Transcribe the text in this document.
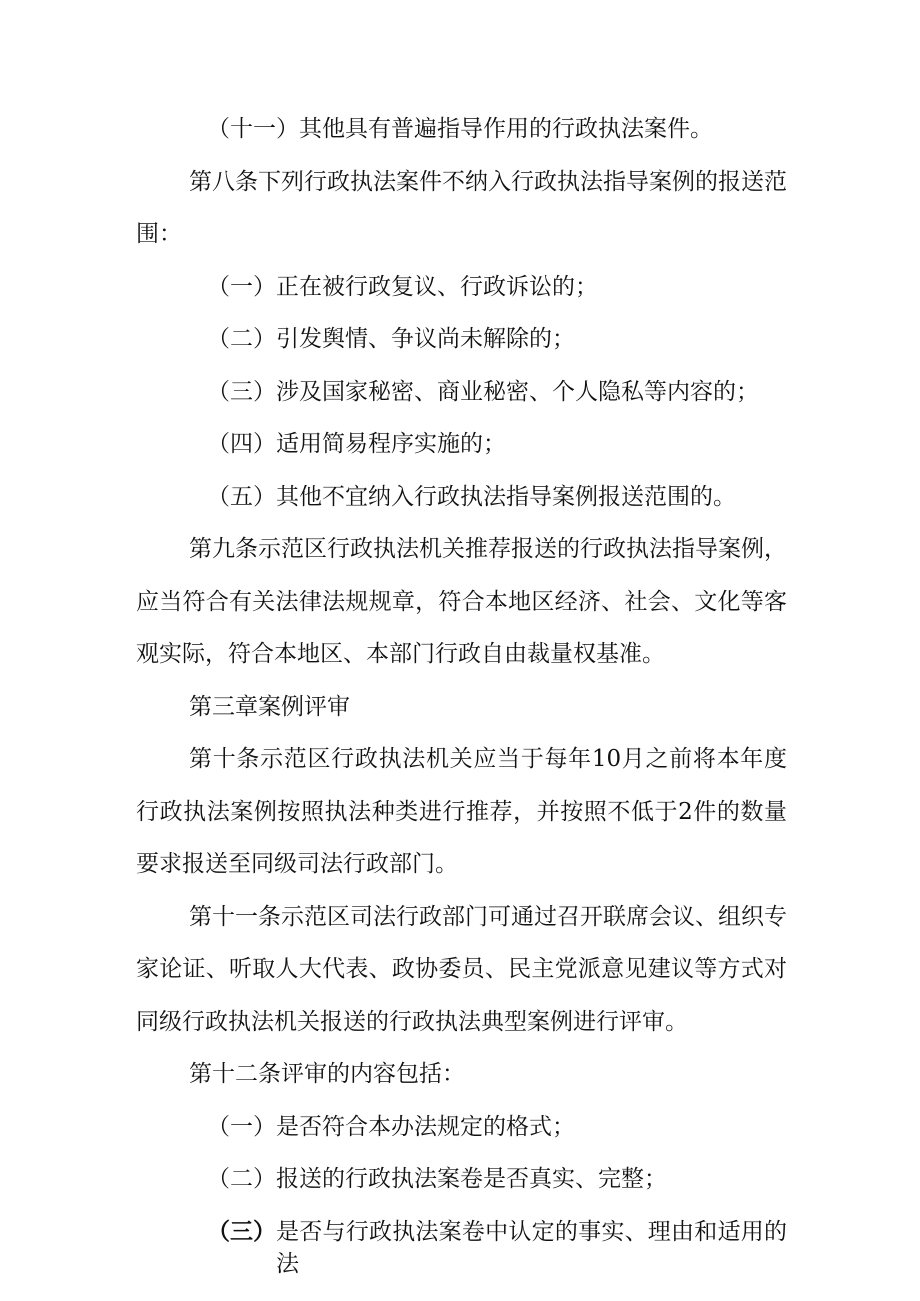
（十一）其他具有普遍指导作用的行政执法案件。
第八条下列行政执法案件不纳入行政执法指导案例的报送范
围：
（一）正在被行政复议、行政诉讼的；
（二）引发舆情、争议尚未解除的；
（三）涉及国家秘密、商业秘密、个人隐私等内容的；
（四）适用简易程序实施的；
（五）其他不宜纳入行政执法指导案例报送范围的。
第九条示范区行政执法机关推荐报送的行政执法指导案例，
应当符合有关法律法规规章，符合本地区经济、社会、文化等客
观实际，符合本地区、本部门行政自由裁量权基准。
第三章案例评审
第十条示范区行政执法机关应当于每年10月之前将本年度
行政执法案例按照执法种类进行推荐，并按照不低于2件的数量
要求报送至同级司法行政部门。
第十一条示范区司法行政部门可通过召开联席会议、组织专
家论证、听取人大代表、政协委员、民主党派意见建议等方式对
同级行政执法机关报送的行政执法典型案例进行评审。
第十二条评审的内容包括：
（一）是否符合本办法规定的格式；
（二）报送的行政执法案卷是否真实、完整；
（三） 是否与行政执法案卷中认定的事实、理由和适用的法
